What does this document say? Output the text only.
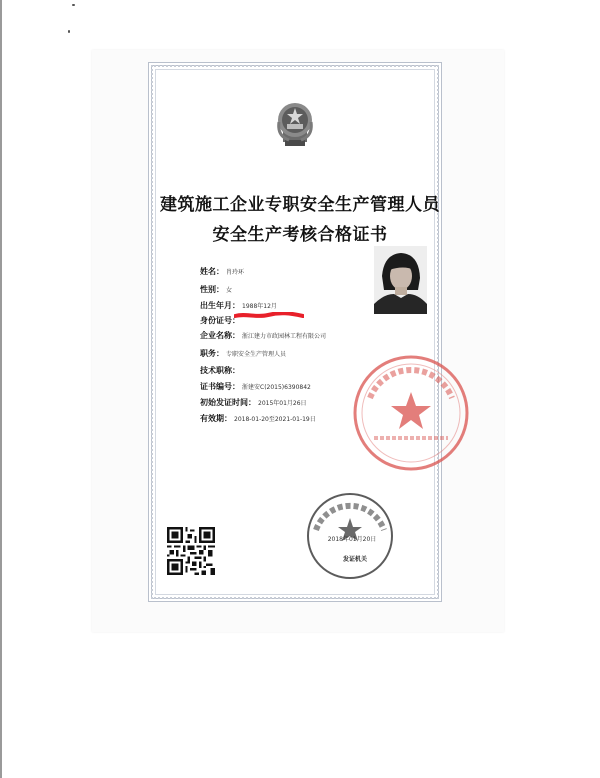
建筑施工企业专职安全生产管理人员
安全生产考核合格证书
姓名： 肖玲环
性别： 女
出生年月： 1988年12月
身份证号：
企业名称： 浙江建力市政园林工程有限公司
职务： 专职安全生产管理人员
技术职称：
证书编号： 浙建安C(2015)6390842
初始发证时间： 2015年01月26日
有效期： 2018-01-20至2021-01-19日
2018年01月20日
发证机关
